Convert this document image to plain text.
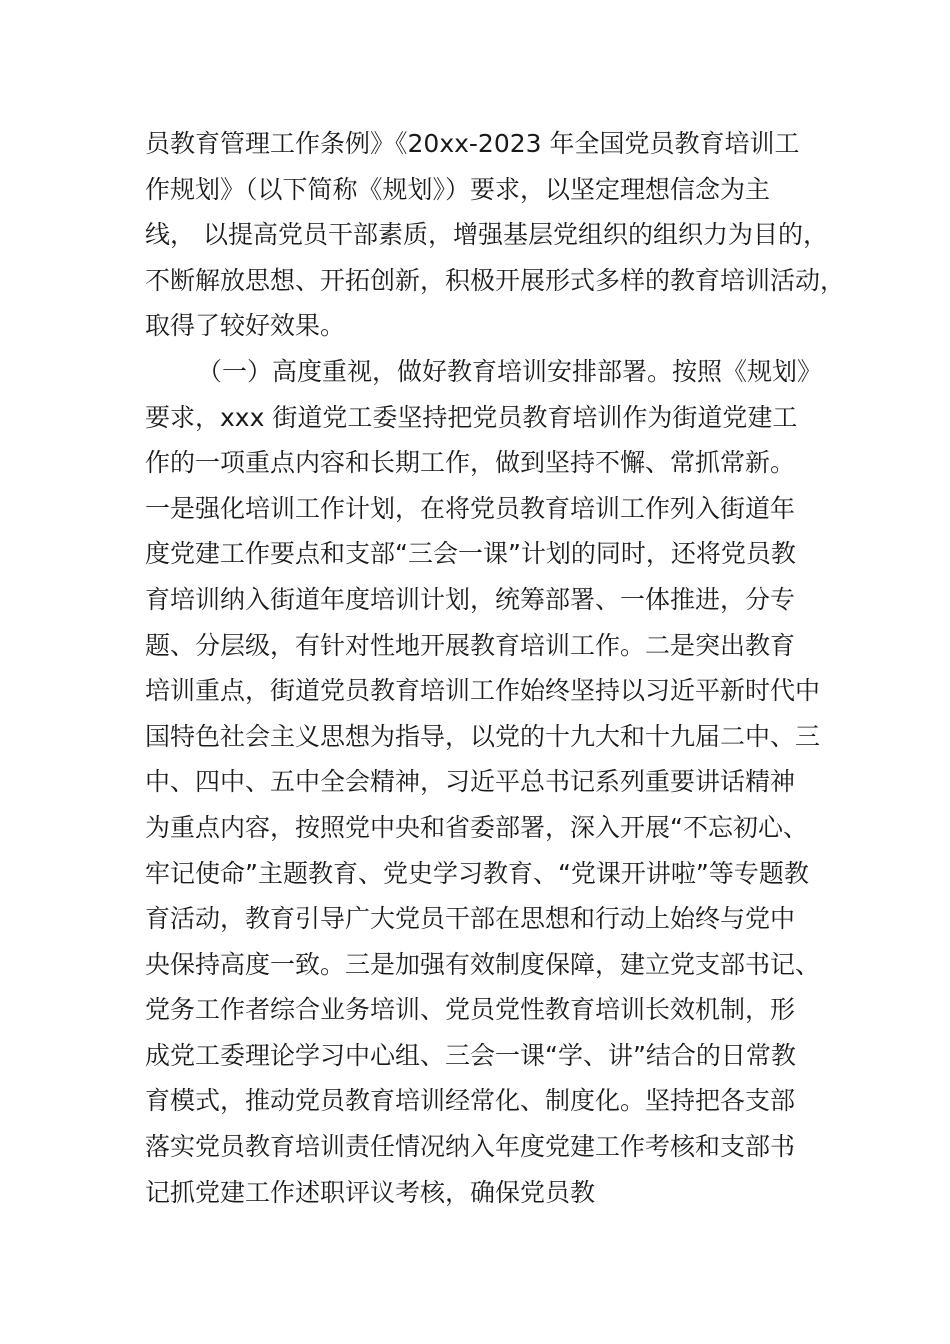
员教育管理工作条例》《20xx-2023 年全国党员教育培训工
作规划》（以下简称《规划》）要求，以坚定理想信念为主
线， 以提高党员干部素质，增强基层党组织的组织力为目的，
不断解放思想、开拓创新，积极开展形式多样的教育培训活动，
取得了较好效果。
（一）高度重视，做好教育培训安排部署。按照《规划》
要求，xxx 街道党工委坚持把党员教育培训作为街道党建工
作的一项重点内容和长期工作，做到坚持不懈、常抓常新。
一是强化培训工作计划，在将党员教育培训工作列入街道年
度党建工作要点和支部“三会一课”计划的同时，还将党员教
育培训纳入街道年度培训计划，统筹部署、一体推进，分专
题、分层级，有针对性地开展教育培训工作。二是突出教育
培训重点，街道党员教育培训工作始终坚持以习近平新时代中
国特色社会主义思想为指导，以党的十九大和十九届二中、三
中、四中、五中全会精神，习近平总书记系列重要讲话精神
为重点内容，按照党中央和省委部署，深入开展“不忘初心、
牢记使命”主题教育、党史学习教育、“党课开讲啦”等专题教
育活动，教育引导广大党员干部在思想和行动上始终与党中
央保持高度一致。三是加强有效制度保障，建立党支部书记、
党务工作者综合业务培训、党员党性教育培训长效机制，形
成党工委理论学习中心组、三会一课“学、讲”结合的日常教
育模式，推动党员教育培训经常化、制度化。坚持把各支部
落实党员教育培训责任情况纳入年度党建工作考核和支部书
记抓党建工作述职评议考核，确保党员教
